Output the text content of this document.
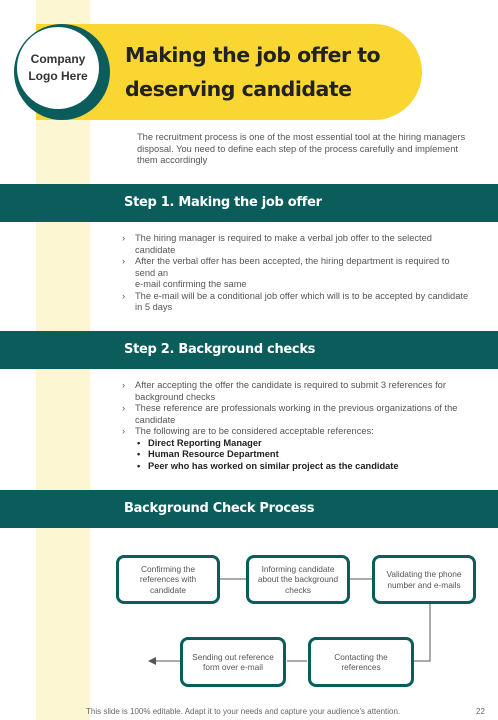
Company Logo Here
Making the job offer to
deserving candidate

The recruitment process is one of the most essential tool at the hiring managers disposal. You need to define each step of the process carefully and implement them accordingly

Step 1. Making the job offer
› The hiring manager is required to make a verbal job offer to the selected candidate
› After the verbal offer has been accepted, the hiring department is required to send an
e-mail confirming the same
› The e-mail will be a conditional job offer which will is to be accepted by candidate in 5 days
Step 2. Background checks
› After accepting the offer the candidate is required to submit 3 references for background checks
› These reference are professionals working in the previous organizations of the candidate
› The following are to be considered acceptable references:
• Direct Reporting Manager
• Human Resource Department
• Peer who has worked on similar project as the candidate
Background Check Process
Confirming the references with candidate
Informing candidate about the background checks
Validating the phone number and e-mails
Contacting the references
Sending out reference form over e-mail
This slide is 100% editable. Adapt it to your needs and capture your audience's attention.	22
